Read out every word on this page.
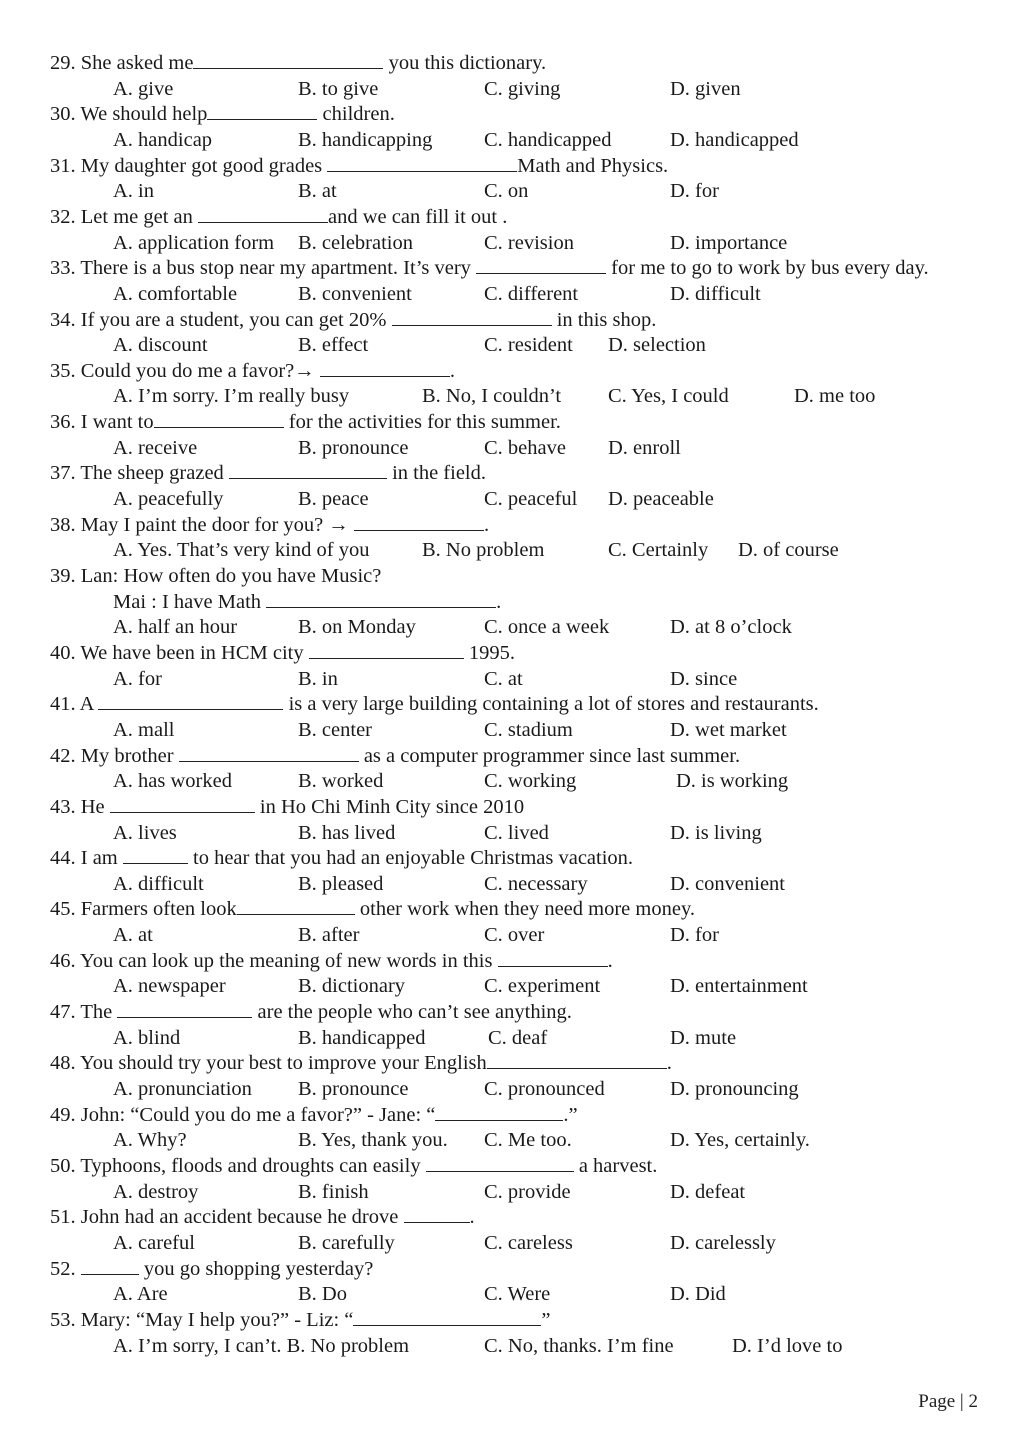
29. She asked me	you this dictionary.
A. give	B. to give	C. giving	D. given
30. We should help	children.
A. handicap	B. handicapping	C. handicapped	D. handicapped
31. My daughter got good grades	Math and Physics.
A. in	B. at	C. on	D. for
32. Let me get an	and we can fill it out .
A. application form B. celebration	C. revision	D. importance
33. There is a bus stop near my apartment. It’s very	for me to go to work by bus every day.
A. comfortable	B. convenient	C. different	D. difficult
34. If you are a student, you can get 20%	in this shop.
A. discount	B. effect	C. resident D. selection
35. Could you do me a favor?→	.
A. I’m sorry. I’m really busy	B. No, I couldn’t C. Yes, I could	D. me too
36. I want to	for the activities for this summer.
A. receive	B. pronounce	C. behave D. enroll
37. The sheep grazed	in the field.
A. peacefully	B. peace	C. peaceful D. peaceable
38. May I paint the door for you? →	.
A. Yes. That’s very kind of you	B. No problem	C. Certainly D. of course
39. Lan: How often do you have Music?
Mai : I have Math	.
A. half an hour	B. on Monday	C. once a week	D. at 8 o’clock
40. We have been in HCM city	1995.
A. for	B. in	C. at	D. since
41. A	is a very large building containing a lot of stores and restaurants.
A. mall	B. center	C. stadium	D. wet market
42. My brother	as a computer programmer since last summer.
A. has worked	B. worked	C. working	D. is working
43. He	in Ho Chi Minh City since 2010
A. lives	B. has lived	C. lived	D. is living
44. I am	to hear that you had an enjoyable Christmas vacation.
A. difficult	B. pleased	C. necessary	D. convenient
45. Farmers often look	other work when they need more money.
A. at	B. after	C. over	D. for
46. You can look up the meaning of new words in this	.
A. newspaper	B. dictionary	C. experiment	D. entertainment
47. The	are the people who can’t see anything.
A. blind	B. handicapped	C. deaf	D. mute
48. You should try your best to improve your English	.
A. pronunciation B. pronounce	C. pronounced	D. pronouncing
49. John: “Could you do me a favor?” - Jane: “	.”
A. Why?	B. Yes, thank you. C. Me too.	D. Yes, certainly.
50. Typhoons, floods and droughts can easily	a harvest.
A. destroy	B. finish	C. provide	D. defeat
51. John had an accident because he drove	.
A. careful	B. carefully	C. careless	D. carelessly
52.	you go shopping yesterday?
A. Are	B. Do	C. Were	D. Did
53. Mary: “May I help you?” - Liz: “	”
A. I’m sorry, I can’t. B. No problem	C. No, thanks. I’m fine	D. I’d love to
Page | 2
